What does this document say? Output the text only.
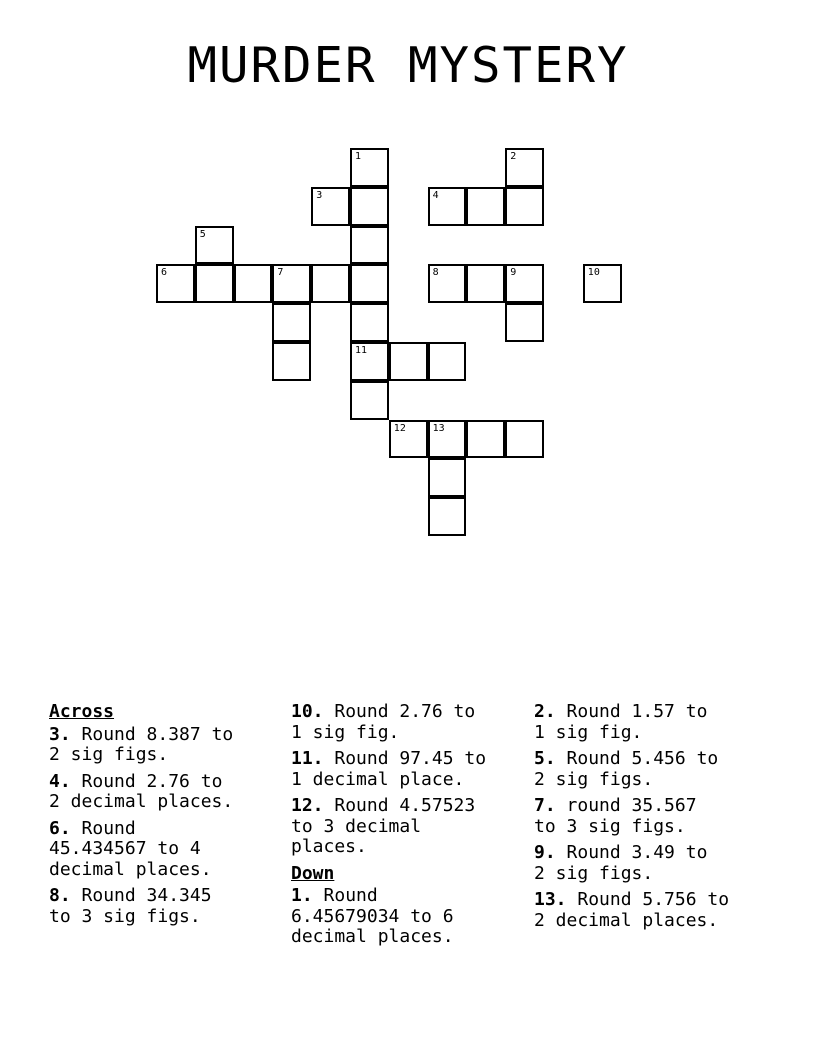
MURDER MYSTERY
1	2
3	4
5
6	7	8	9	10
11
12	13
Across
3. Round 8.387 to
2 sig figs.
4. Round 2.76 to
2 decimal places.
6. Round
45.434567 to 4
decimal places.
8. Round 34.345
to 3 sig figs.
10. Round 2.76 to
1 sig fig.
11. Round 97.45 to
1 decimal place.
12. Round 4.57523
to 3 decimal
places.
Down
1. Round
6.45679034 to 6
decimal places.
2. Round 1.57 to
1 sig fig.
5. Round 5.456 to
2 sig figs.
7. round 35.567
to 3 sig figs.
9. Round 3.49 to
2 sig figs.
13. Round 5.756 to
2 decimal places.
